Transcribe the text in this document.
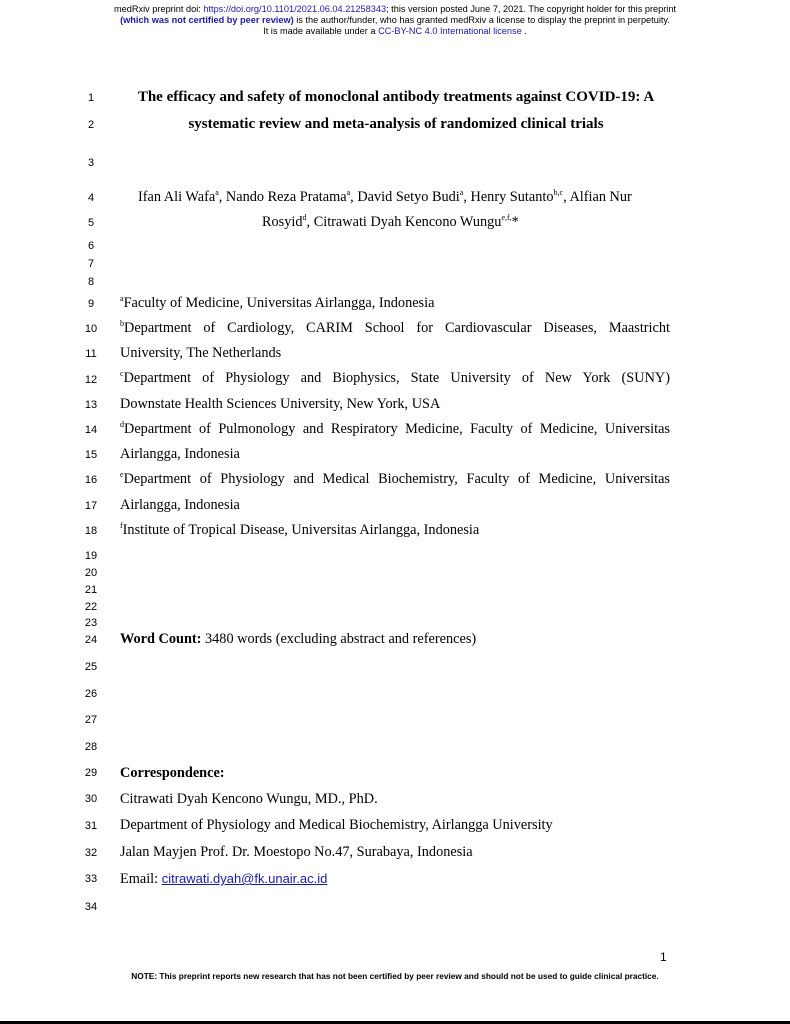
medRxiv preprint doi: https://doi.org/10.1101/2021.06.04.21258343; this version posted June 7, 2021. The copyright holder for this preprint
(which was not certified by peer review) is the author/funder, who has granted medRxiv a license to display the preprint in perpetuity.
It is made available under a CC-BY-NC 4.0 International license .
1
2
3
4
5
6
7
8
9
10
11
12
13
14
15
16
17
18
19
20
21
22
23
24
25
26
27
28
29
30
31
32
33
34
The efficacy and safety of monoclonal antibody treatments against COVID-19: A
systematic review and meta-analysis of randomized clinical trials
Ifan Ali Wafa$^a$, Nando Reza Pratama$^a$, David Setyo Budi$^a$, Henry Sutanto$^{b,c}$, Alfian Nur
Rosyid$^d$, Citrawati Dyah Kencono Wungu$^{e,f,}$*
$^a$Faculty of Medicine, Universitas Airlangga, Indonesia
$^b$Department of Cardiology, CARIM School for Cardiovascular Diseases, Maastricht
University, The Netherlands
$^c$Department of Physiology and Biophysics, State University of New York (SUNY)
Downstate Health Sciences University, New York, USA
$^d$Department of Pulmonology and Respiratory Medicine, Faculty of Medicine, Universitas
Airlangga, Indonesia
$^e$Department of Physiology and Medical Biochemistry, Faculty of Medicine, Universitas
Airlangga, Indonesia
$^f$Institute of Tropical Disease, Universitas Airlangga, Indonesia
Word Count: 3480 words (excluding abstract and references)
Correspondence:
Citrawati Dyah Kencono Wungu, MD., PhD.
Department of Physiology and Medical Biochemistry, Airlangga University
Jalan Mayjen Prof. Dr. Moestopo No.47, Surabaya, Indonesia
Email: citrawati.dyah@fk.unair.ac.id
1
NOTE: This preprint reports new research that has not been certified by peer review and should not be used to guide clinical practice.
